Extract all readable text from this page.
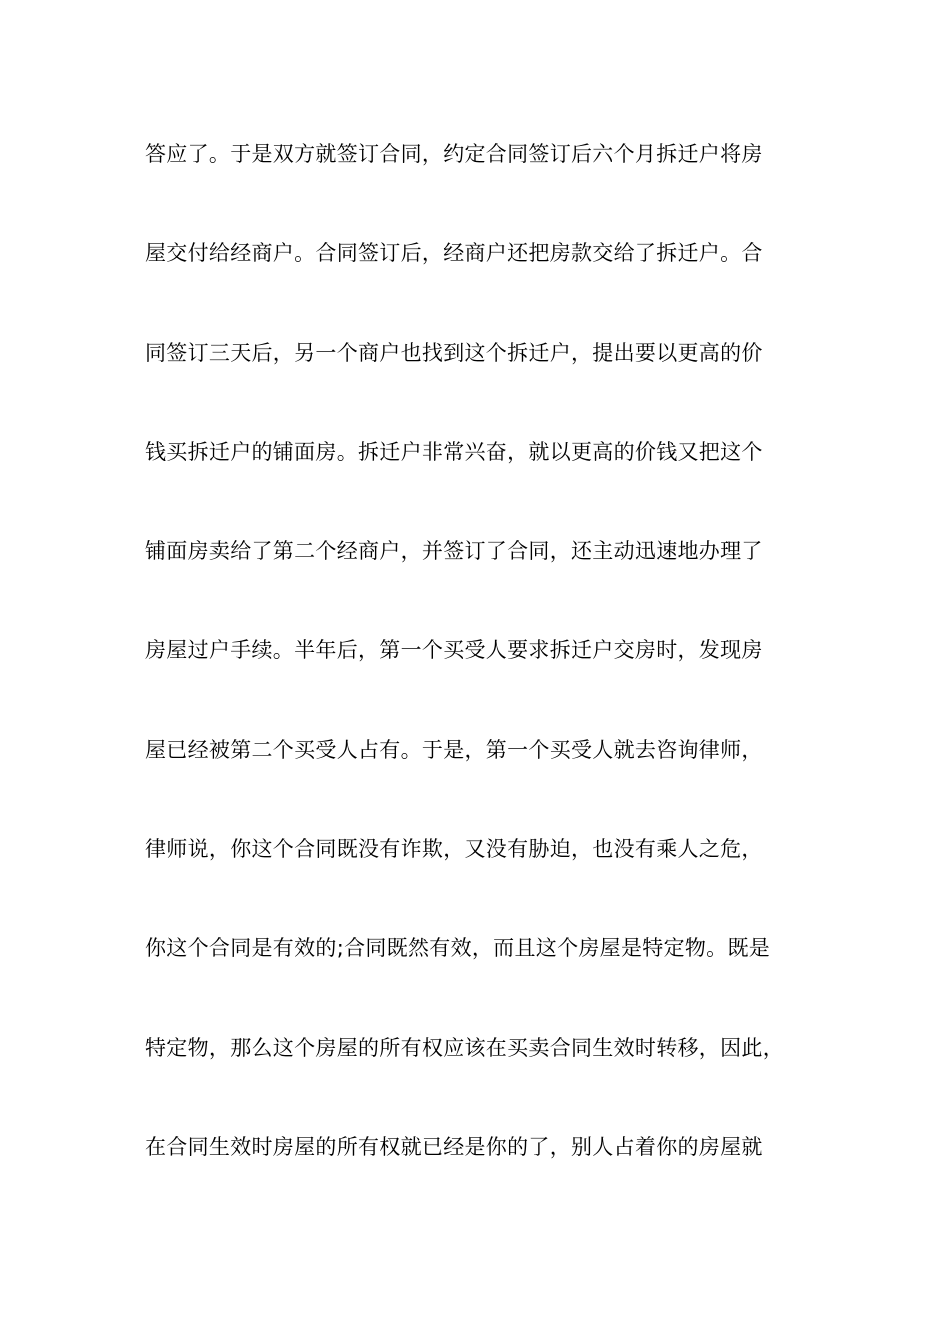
答应了。于是双方就签订合同，约定合同签订后六个月拆迁户将房
屋交付给经商户。合同签订后，经商户还把房款交给了拆迁户。合
同签订三天后，另一个商户也找到这个拆迁户，提出要以更高的价
钱买拆迁户的铺面房。拆迁户非常兴奋，就以更高的价钱又把这个
铺面房卖给了第二个经商户，并签订了合同，还主动迅速地办理了
房屋过户手续。半年后，第一个买受人要求拆迁户交房时，发现房
屋已经被第二个买受人占有。于是，第一个买受人就去咨询律师，
律师说，你这个合同既没有诈欺，又没有胁迫，也没有乘人之危，
你这个合同是有效的;合同既然有效，而且这个房屋是特定物。既是
特定物，那么这个房屋的所有权应该在买卖合同生效时转移，因此，
在合同生效时房屋的所有权就已经是你的了，别人占着你的房屋就
